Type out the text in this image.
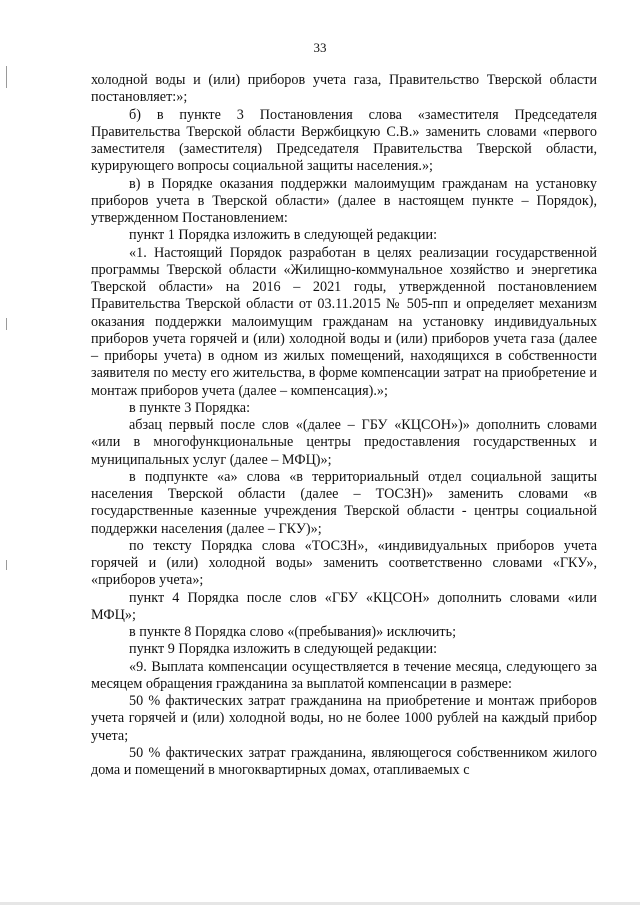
33

холодной воды и (или) приборов учета газа, Правительство Тверской области постановляет:»;

б) в пункте 3 Постановления слова «заместителя Председателя Правительства Тверской области Вержбицкую С.В.» заменить словами «первого заместителя (заместителя) Председателя Правительства Тверской области, курирующего вопросы социальной защиты населения.»;

в) в Порядке оказания поддержки малоимущим гражданам на установку приборов учета в Тверской области» (далее в настоящем пункте – Порядок), утвержденном Постановлением:

пункт 1 Порядка изложить в следующей редакции:

«1. Настоящий Порядок разработан в целях реализации государственной программы Тверской области «Жилищно-коммунальное хозяйство и энергетика Тверской области» на 2016 – 2021 годы, утвержденной постановлением Правительства Тверской области от 03.11.2015 № 505-пп и определяет механизм оказания поддержки малоимущим гражданам на установку индивидуальных приборов учета горячей и (или) холодной воды и (или) приборов учета газа (далее – приборы учета) в одном из жилых помещений, находящихся в собственности заявителя по месту его жительства, в форме компенсации затрат на приобретение и монтаж приборов учета (далее – компенсация).»;

в пункте 3 Порядка:

абзац первый после слов «(далее – ГБУ «КЦСОН»)» дополнить словами «или в многофункциональные центры предоставления государственных и муниципальных услуг (далее – МФЦ)»;

в подпункте «а» слова «в территориальный отдел социальной защиты населения Тверской области (далее – ТОСЗН)» заменить словами «в государственные казенные учреждения Тверской области - центры социальной поддержки населения (далее – ГКУ)»;

по тексту Порядка слова «ТОСЗН», «индивидуальных приборов учета горячей и (или) холодной воды» заменить соответственно словами «ГКУ», «приборов учета»;

пункт 4 Порядка после слов «ГБУ «КЦСОН» дополнить словами «или МФЦ»;

в пункте 8 Порядка слово «(пребывания)» исключить;

пункт 9 Порядка изложить в следующей редакции:

«9. Выплата компенсации осуществляется в течение месяца, следующего за месяцем обращения гражданина за выплатой компенсации в размере:

50 % фактических затрат гражданина на приобретение и монтаж приборов учета горячей и (или) холодной воды, но не более 1000 рублей на каждый прибор учета;

50 % фактических затрат гражданина, являющегося собственником жилого дома и помещений в многоквартирных домах, отапливаемых с
